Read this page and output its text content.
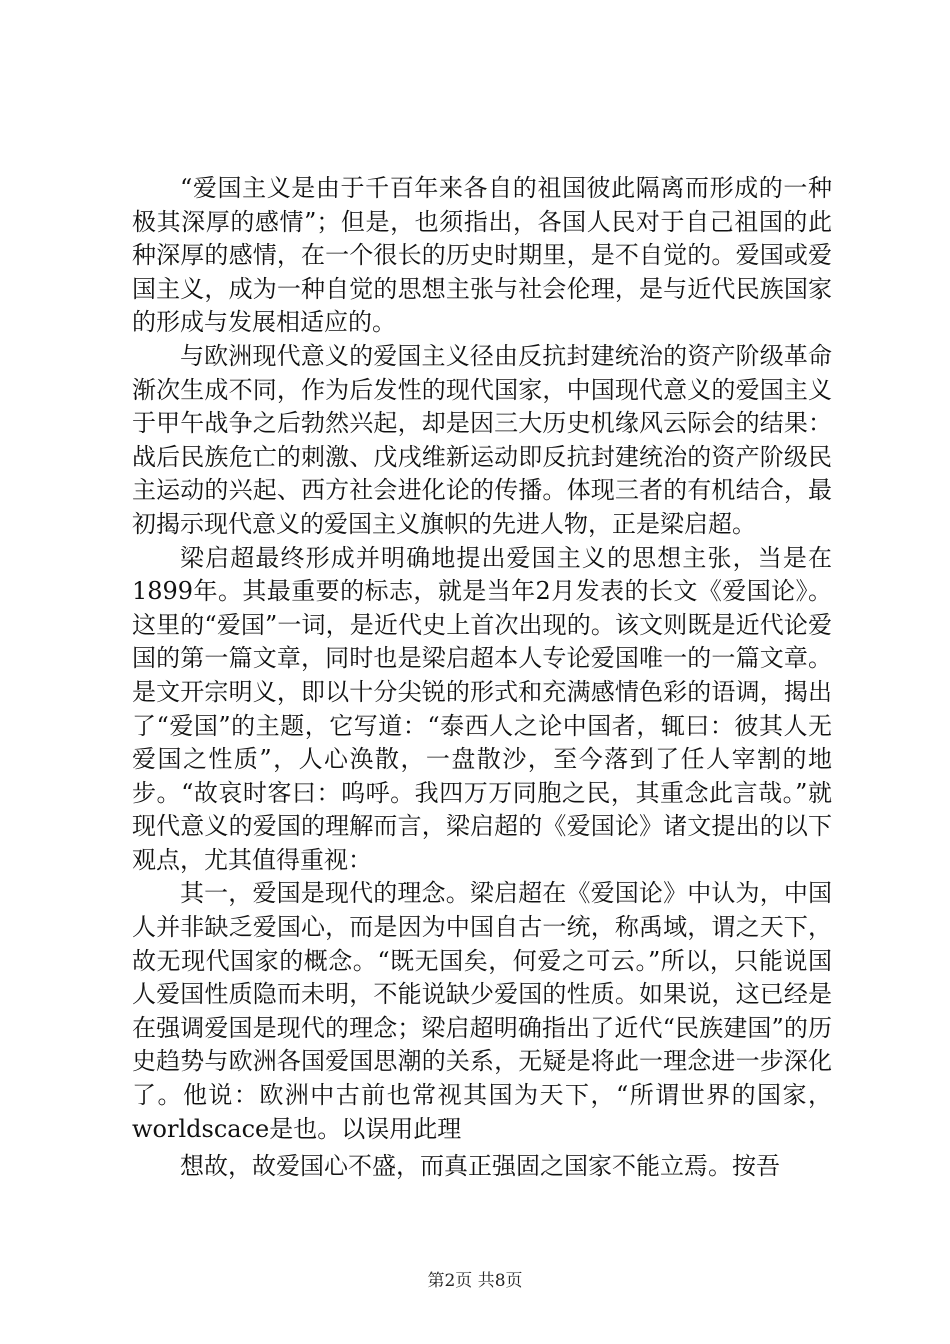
“爱国主义是由于千百年来各自的祖国彼此隔离而形成的一种极其深厚的感情”；但是，也须指出，各国人民对于自己祖国的此种深厚的感情，在一个很长的历史时期里，是不自觉的。爱国或爱国主义，成为一种自觉的思想主张与社会伦理，是与近代民族国家的形成与发展相适应的。

与欧洲现代意义的爱国主义径由反抗封建统治的资产阶级革命渐次生成不同，作为后发性的现代国家，中国现代意义的爱国主义于甲午战争之后勃然兴起，却是因三大历史机缘风云际会的结果：战后民族危亡的刺激、戊戌维新运动即反抗封建统治的资产阶级民主运动的兴起、西方社会进化论的传播。体现三者的有机结合，最初揭示现代意义的爱国主义旗帜的先进人物，正是梁启超。

梁启超最终形成并明确地提出爱国主义的思想主张，当是在1899年。其最重要的标志，就是当年2月发表的长文《爱国论》。这里的“爱国”一词，是近代史上首次出现的。该文则既是近代论爱国的第一篇文章，同时也是梁启超本人专论爱国唯一的一篇文章。是文开宗明义，即以十分尖锐的形式和充满感情色彩的语调，揭出了“爱国”的主题，它写道：“泰西人之论中国者，辄曰：彼其人无爱国之性质”，人心涣散，一盘散沙，至今落到了任人宰割的地步。“故哀时客曰：呜呼。我四万万同胞之民，其重念此言哉。”就现代意义的爱国的理解而言，梁启超的《爱国论》诸文提出的以下观点，尤其值得重视：

其一，爱国是现代的理念。梁启超在《爱国论》中认为，中国人并非缺乏爱国心，而是因为中国自古一统，称禹域，谓之天下，故无现代国家的概念。“既无国矣，何爱之可云。”所以，只能说国人爱国性质隐而未明，不能说缺少爱国的性质。如果说，这已经是在强调爱国是现代的理念；梁启超明确指出了近代“民族建国”的历史趋势与欧洲各国爱国思潮的关系，无疑是将此一理念进一步深化了。他说：欧洲中古前也常视其国为天下，“所谓世界的国家，worldscace是也。以误用此理

想故，故爱国心不盛，而真正强固之国家不能立焉。按吾

第2页 共8页
